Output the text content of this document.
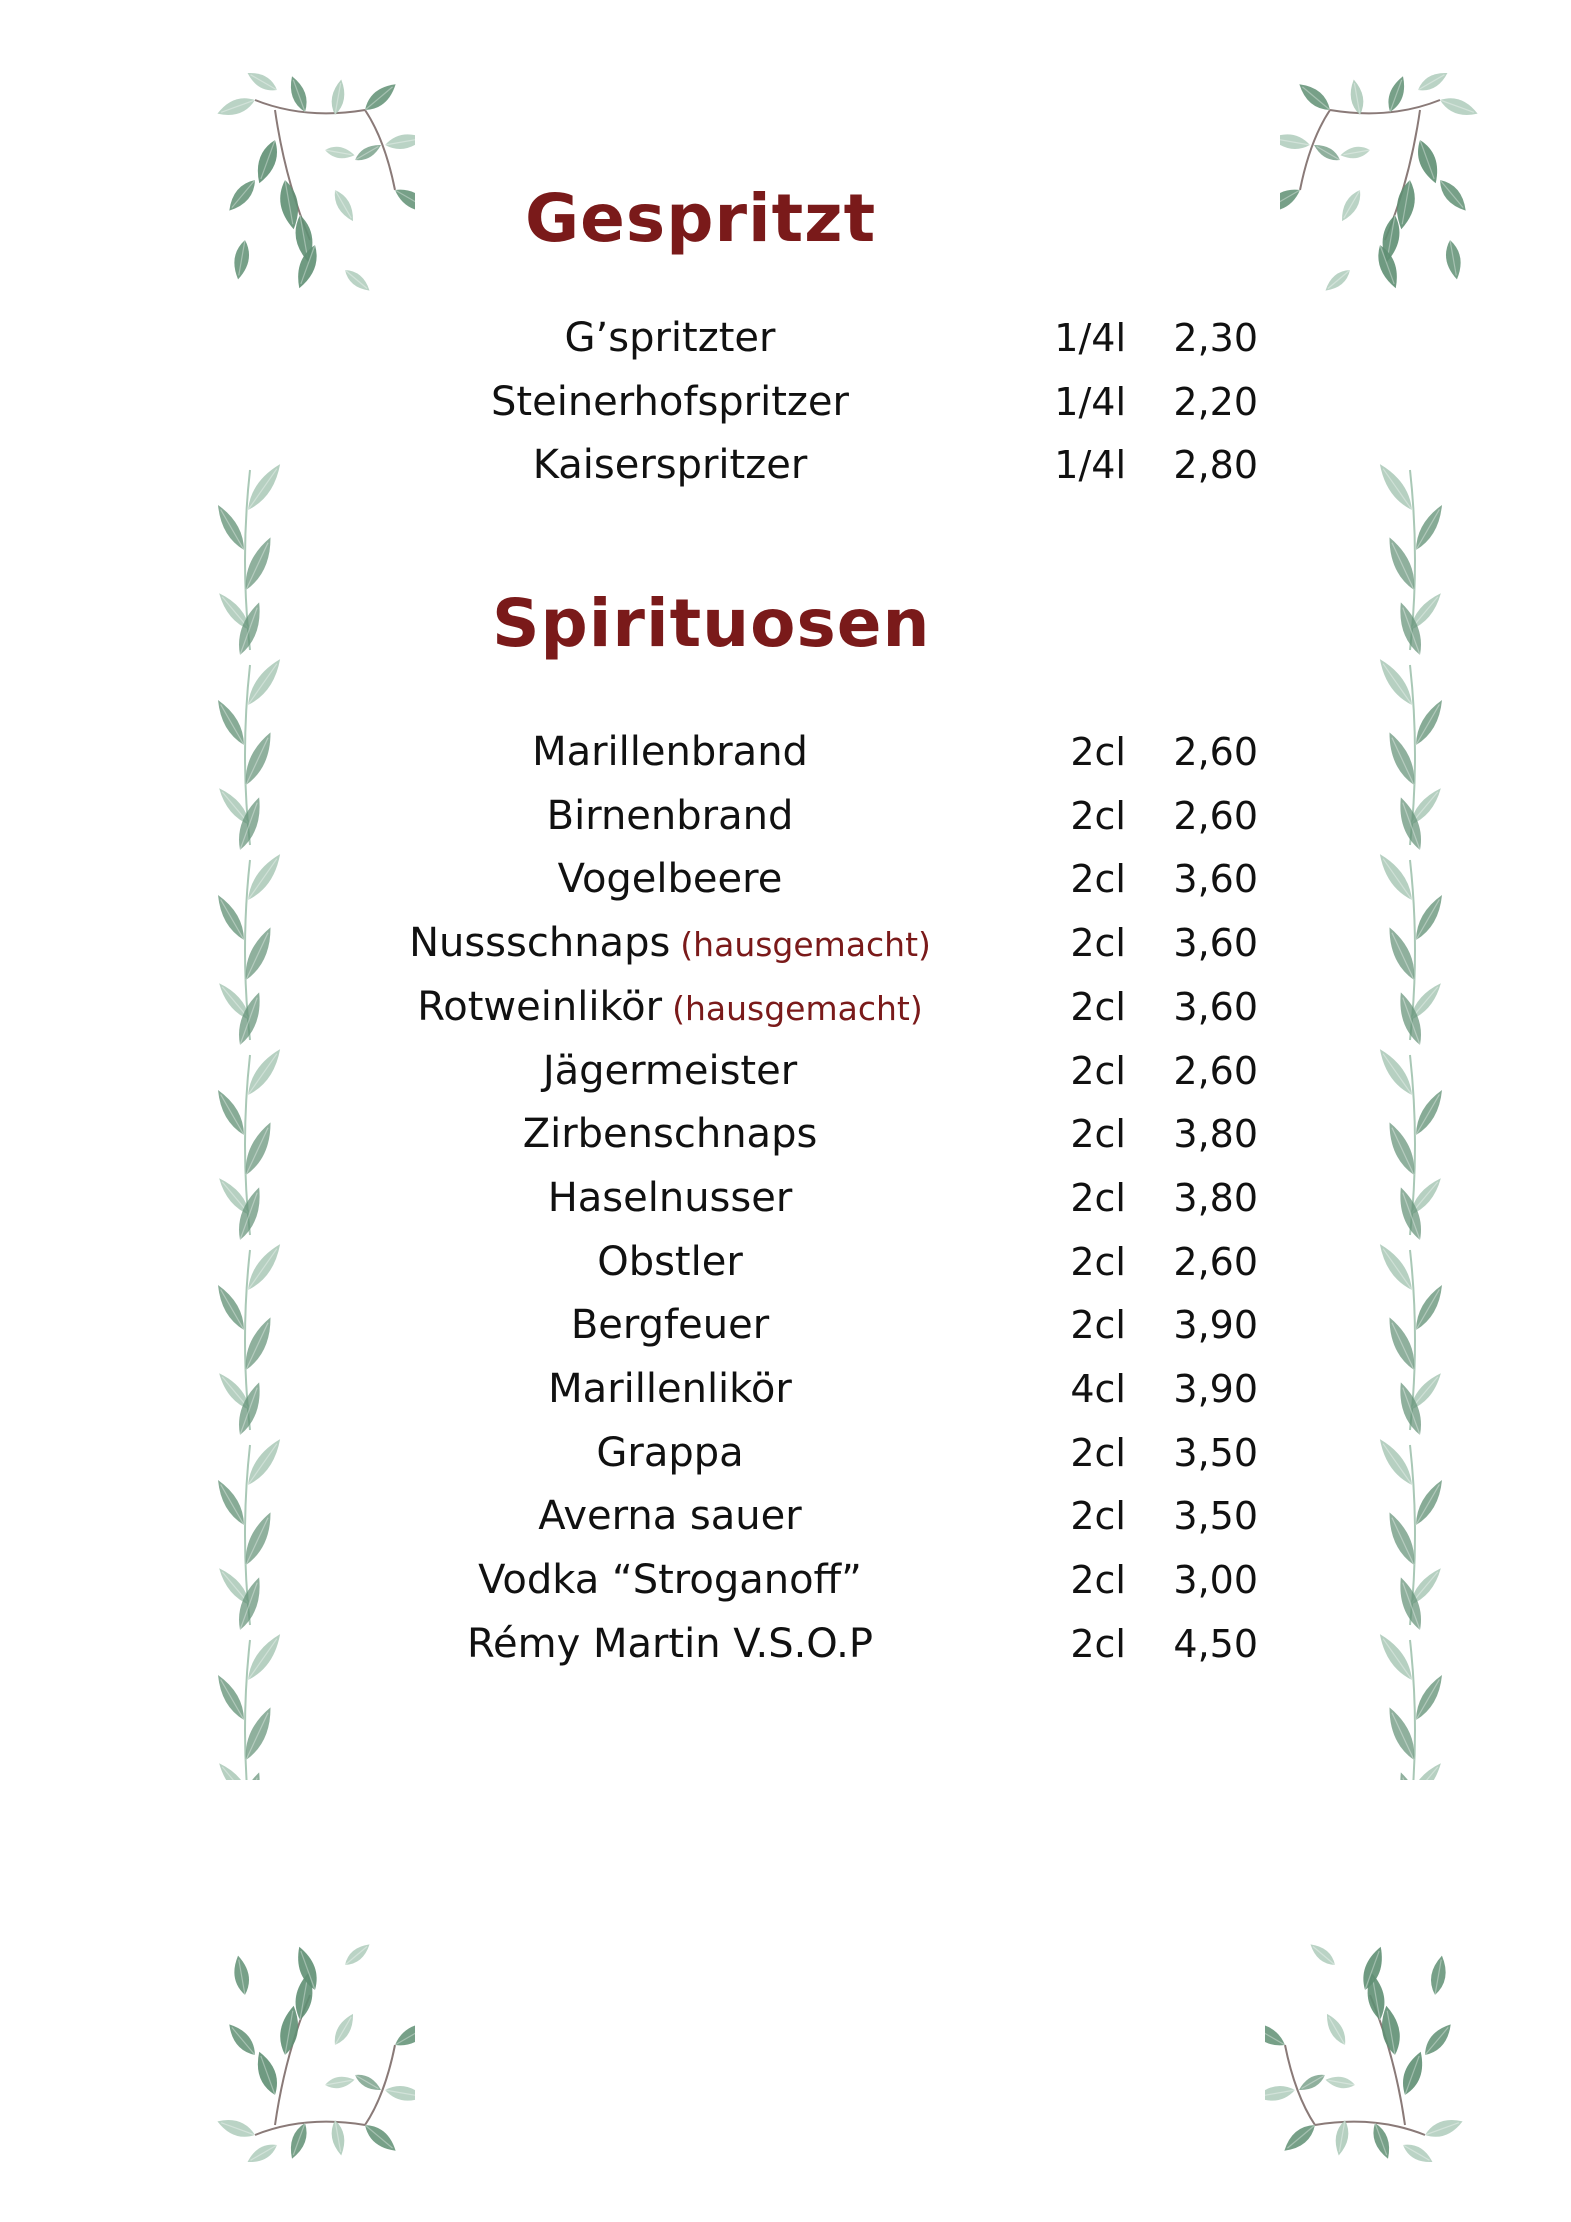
Gespritzt
Spirituosen
G’spritzter	1/4l 2,30
Steinerhofspritzer	1/4l 2,20
Kaiserspritzer	1/4l 2,80
Marillenbrand	2cl 2,60
Birnenbrand	2cl 2,60
Vogelbeere	2cl 3,60
Nussschnaps (hausgemacht)	2cl 3,60
Rotweinlikör (hausgemacht)	2cl 3,60
Jägermeister	2cl 2,60
Zirbenschnaps	2cl 3,80
Haselnusser	2cl 3,80
Obstler	2cl 2,60
Bergfeuer	2cl 3,90
Marillenlikör	4cl 3,90
Grappa	2cl 3,50
Averna sauer	2cl 3,50
Vodka “Stroganoff”	2cl 3,00
Rémy Martin V.S.O.P	2cl 4,50
